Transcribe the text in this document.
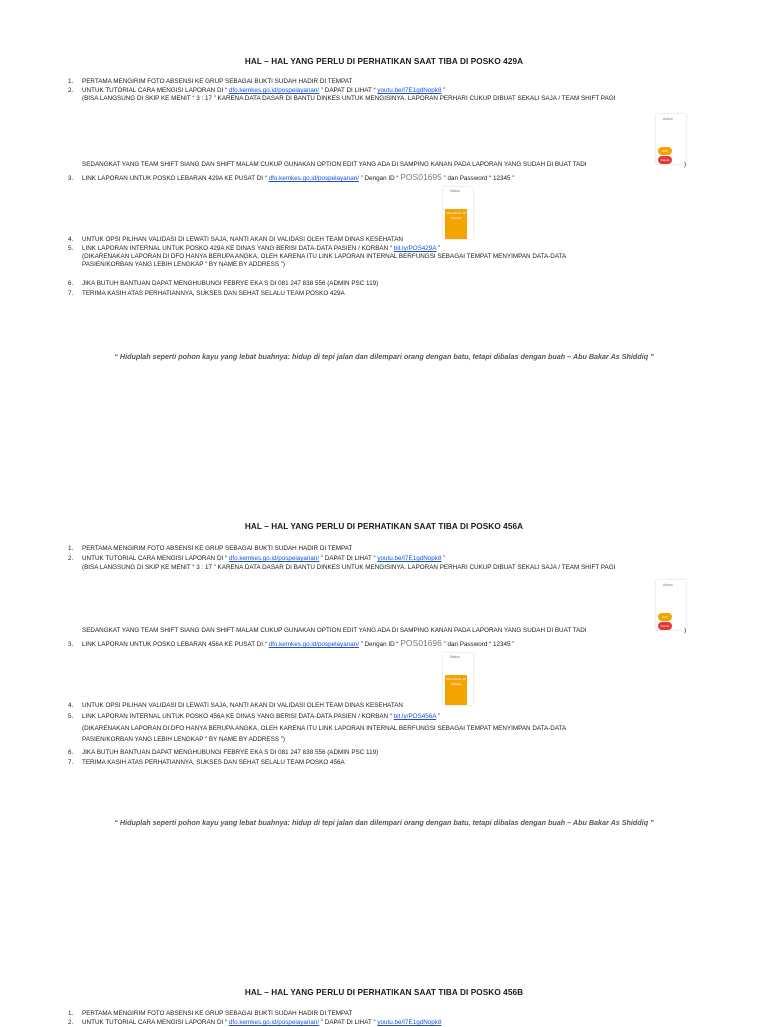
HAL – HAL YANG PERLU DI PERHATIKAN SAAT TIBA DI POSKO 429A
1. PERTAMA MENGIRIM FOTO ABSENSI KE GRUP SEBAGAI BUKTI SUDAH HADIR DI TEMPAT
2. UNTUK TUTORIAL CARA MENGISI LAPORAN DI “ dfo.kemkes.go.id/pospelayanan/ ” DAPAT DI LIHAT “ youtu.be/I7E1gdNopk8 ”
(BISA LANGSUNG DI SKIP KE MENIT “ 3 : 17 ” KARENA DATA DASAR DI BANTU DINKES UNTUK MENGISINYA. LAPORAN PERHARI CUKUP DIBUAT SEKALI SAJA / TEAM SHIFT PAGI
Action
Edit
Delete
SEDANGKAT YANG TEAM SHIFT SIANG DAN SHIFT MALAM CUKUP GUNAKAN OPTION EDIT YANG ADA DI SAMPING KANAN PADA LAPORAN YANG SUDAH DI BUAT TADI	)
3. LINK LAPORAN UNTUK POSKO LEBARAN 429A KE PUSAT DI “ dfo.kemkes.go.id/pospelayanan/ ” Dengan ID “ POS01695 ” dan Password “ 12345 ”
Status
Data Belum Di Validasi
4. UNTUK OPSI PILIHAN VALIDASI DI LEWATI SAJA, NANTI AKAN DI VALIDASI OLEH TEAM DINAS KESEHATAN
5. LINK LAPORAN INTERNAL UNTUK POSKO 429A KE DINAS YANG BERISI DATA-DATA PASIEN / KORBAN “ bit.ly/POS429A ”
(DIKARENAKAN LAPORAN DI DFO HANYA BERUPA ANGKA, OLEH KARENA ITU LINK LAPORAN INTERNAL BERFUNGSI SEBAGAI TEMPAT MENYIMPAN DATA-DATA
PASIEN/KORBAN YANG LEBIH LENGKAP “ BY NAME BY ADDRESS ”)
6. JIKA BUTUH BANTUAN DAPAT MENGHUBUNGI FEBRYE EKA S DI 081 247 838 556 (ADMIN PSC 119)
7. TERIMA KASIH ATAS PERHATIANNYA, SUKSES DAN SEHAT SELALU TEAM POSKO 429A
“ Hiduplah seperti pohon kayu yang lebat buahnya: hidup di tepi jalan dan dilempari orang dengan batu, tetapi dibalas dengan buah – Abu Bakar As Shiddiq ”
HAL – HAL YANG PERLU DI PERHATIKAN SAAT TIBA DI POSKO 456A
1. PERTAMA MENGIRIM FOTO ABSENSI KE GRUP SEBAGAI BUKTI SUDAH HADIR DI TEMPAT
2. UNTUK TUTORIAL CARA MENGISI LAPORAN DI “ dfo.kemkes.go.id/pospelayanan/ ” DAPAT DI LIHAT “ youtu.be/I7E1gdNopk8 ”
(BISA LANGSUNG DI SKIP KE MENIT “ 3 : 17 ” KARENA DATA DASAR DI BANTU DINKES UNTUK MENGISINYA. LAPORAN PERHARI CUKUP DIBUAT SEKALI SAJA / TEAM SHIFT PAGI
Action
Edit
Delete
SEDANGKAT YANG TEAM SHIFT SIANG DAN SHIFT MALAM CUKUP GUNAKAN OPTION EDIT YANG ADA DI SAMPING KANAN PADA LAPORAN YANG SUDAH DI BUAT TADI	)
3. LINK LAPORAN UNTUK POSKO LEBARAN 456A KE PUSAT DI “ dfo.kemkes.go.id/pospelayanan/ ” Dengan ID “ POS01696 ” dan Password “ 12345 ”
Status
Data Belum Di Validasi
4. UNTUK OPSI PILIHAN VALIDASI DI LEWATI SAJA, NANTI AKAN DI VALIDASI OLEH TEAM DINAS KESEHATAN
5. LINK LAPORAN INTERNAL UNTUK POSKO 456A KE DINAS YANG BERISI DATA-DATA PASIEN / KORBAN “ bit.ly/POS456A ”
(DIKARENAKAN LAPORAN DI DFO HANYA BERUPA ANGKA, OLEH KARENA ITU LINK LAPORAN INTERNAL BERFUNGSI SEBAGAI TEMPAT MENYIMPAN DATA-DATA
PASIEN/KORBAN YANG LEBIH LENGKAP “ BY NAME BY ADDRESS ”)
6. JIKA BUTUH BANTUAN DAPAT MENGHUBUNGI FEBRYE EKA S DI 081 247 838 556 (ADMIN PSC 119)
7. TERIMA KASIH ATAS PERHATIANNYA, SUKSES DAN SEHAT SELALU TEAM POSKO 456A
“ Hiduplah seperti pohon kayu yang lebat buahnya: hidup di tepi jalan dan dilempari orang dengan batu, tetapi dibalas dengan buah – Abu Bakar As Shiddiq ”
HAL – HAL YANG PERLU DI PERHATIKAN SAAT TIBA DI POSKO 456B
1. PERTAMA MENGIRIM FOTO ABSENSI KE GRUP SEBAGAI BUKTI SUDAH HADIR DI TEMPAT
2. UNTUK TUTORIAL CARA MENGISI LAPORAN DI “ dfo.kemkes.go.id/pospelayanan/ ” DAPAT DI LIHAT “ youtu.be/I7E1gdNopk8
